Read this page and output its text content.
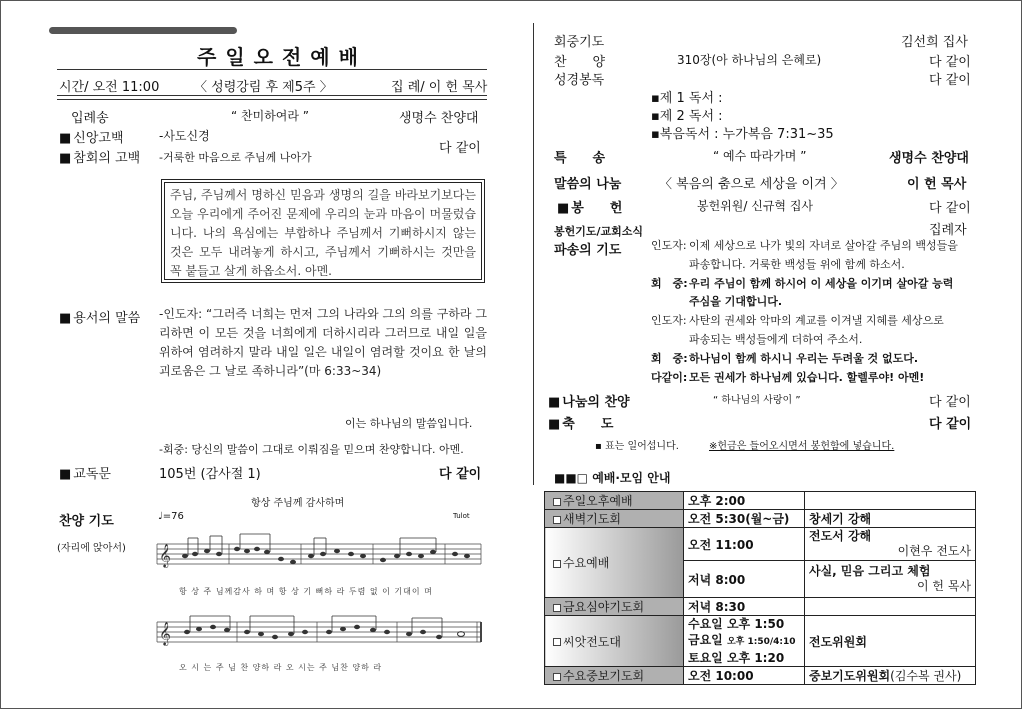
주일오전예배
시간/ 오전 11:00	〈 성령강림 후 제5주 〉	집 례/ 이 헌 목사
입례송	“ 찬미하여라 ”	생명수 찬양대
■ 신앙고백	-사도신경
■ 참회의 고백 -거룩한 마음으로 주님께 나아가
다 같이
주님, 주님께서 명하신 믿음과 생명의 길을 바라보기보다는 오늘 우리에게 주어진 문제에 우리의 눈과 마음이 머물렀습니다. 나의 욕심에는 부합하나 주님께서 기뻐하시지 않는 것은 모두 내려놓게 하시고, 주님께서 기뻐하시는 것만을 꼭 붙들고 살게 하옵소서. 아멘.
■ 용서의 말씀 -인도자: “그러즉 너희는 먼저 그의 나라와 그의 의를 구하라 그리하면 이 모든 것을 너희에게 더하시리라 그러므로 내일 일을 위하여 염려하지 말라 내일 일은 내일이 염려할 것이요 한 날의 괴로움은 그 날로 족하니라”(마 6:33~34)
이는 하나님의 말씀입니다.
-회중: 당신의 말씀이 그대로 이뤄짐을 믿으며 찬양합니다. 아멘.
■ 교독문	105번 (감사절 1)	다 같이
찬양 기도
(자리에 앉아서)
항상 주님께 감사하며
♩=76	Tulot
𝄞
𝄞
항 상 주 님께감사 하 며 항 상 기 뻐하 라 두렴 없 이 기대이 며
오 시 는 주 님 찬 양하 라 오 시는 주 님찬 양하 라
회중기도	김선희 집사
찬　　양	310장(아 하나님의 은혜로)	다 같이
성경봉독	다 같이
▪제 1 독서 :
▪제 2 독서 :
▪복음독서 : 누가복음 7:31~35
특　　송	“ 예수 따라가며 ”	생명수 찬양대
말씀의 나눔	〈 복음의 춤으로 세상을 이겨 〉	이 헌 목사
■ 봉　　헌	봉헌위원/ 신규혁 집사	다 같이
봉헌기도/교회소식	집례자
파송의 기도	인도자: 이제 세상으로 나가 빛의 자녀로 살아갈 주님의 백성들을
파송합니다. 거룩한 백성들 위에 함께 하소서.
회　중:우리 주님이 함께 하시어 이 세상을 이기며 살아갈 능력
주심을 기대합니다.
인도자: 사탄의 권세와 악마의 계교를 이겨낼 지혜를 세상으로
파송되는 백성들에게 더하여 주소서.
회　중:하나님이 함께 하시니 우리는 두려울 것 없도다.
다같이: 모든 권세가 하나님께 있습니다. 할렐루야! 아멘!
■ 나눔의 찬양	“ 하나님의 사랑이 ”	다 같이
■ 축　　도	다 같이
▪ 표는 일어섭니다.	※헌금은 들어오시면서 봉헌함에 넣습니다.
■■□ 예배·모임 안내
주일오후예배	오후 2:00	
새벽기도회	오전 5:30(월~금)	창세기 강해
수요예배	오전 11:00	전도서 강해
이현우 전도사

	저녁 8:00	사실, 믿음 그리고 체험
이 헌 목사

금요심야기도회	저녁 8:30	
씨앗전도대	수요일 오후 1:50
금요일 오후 1:50/4:10
토요일 오후 1:20	전도위원회
수요중보기도회	오전 10:00	중보기도위원회(김수복 권사)
